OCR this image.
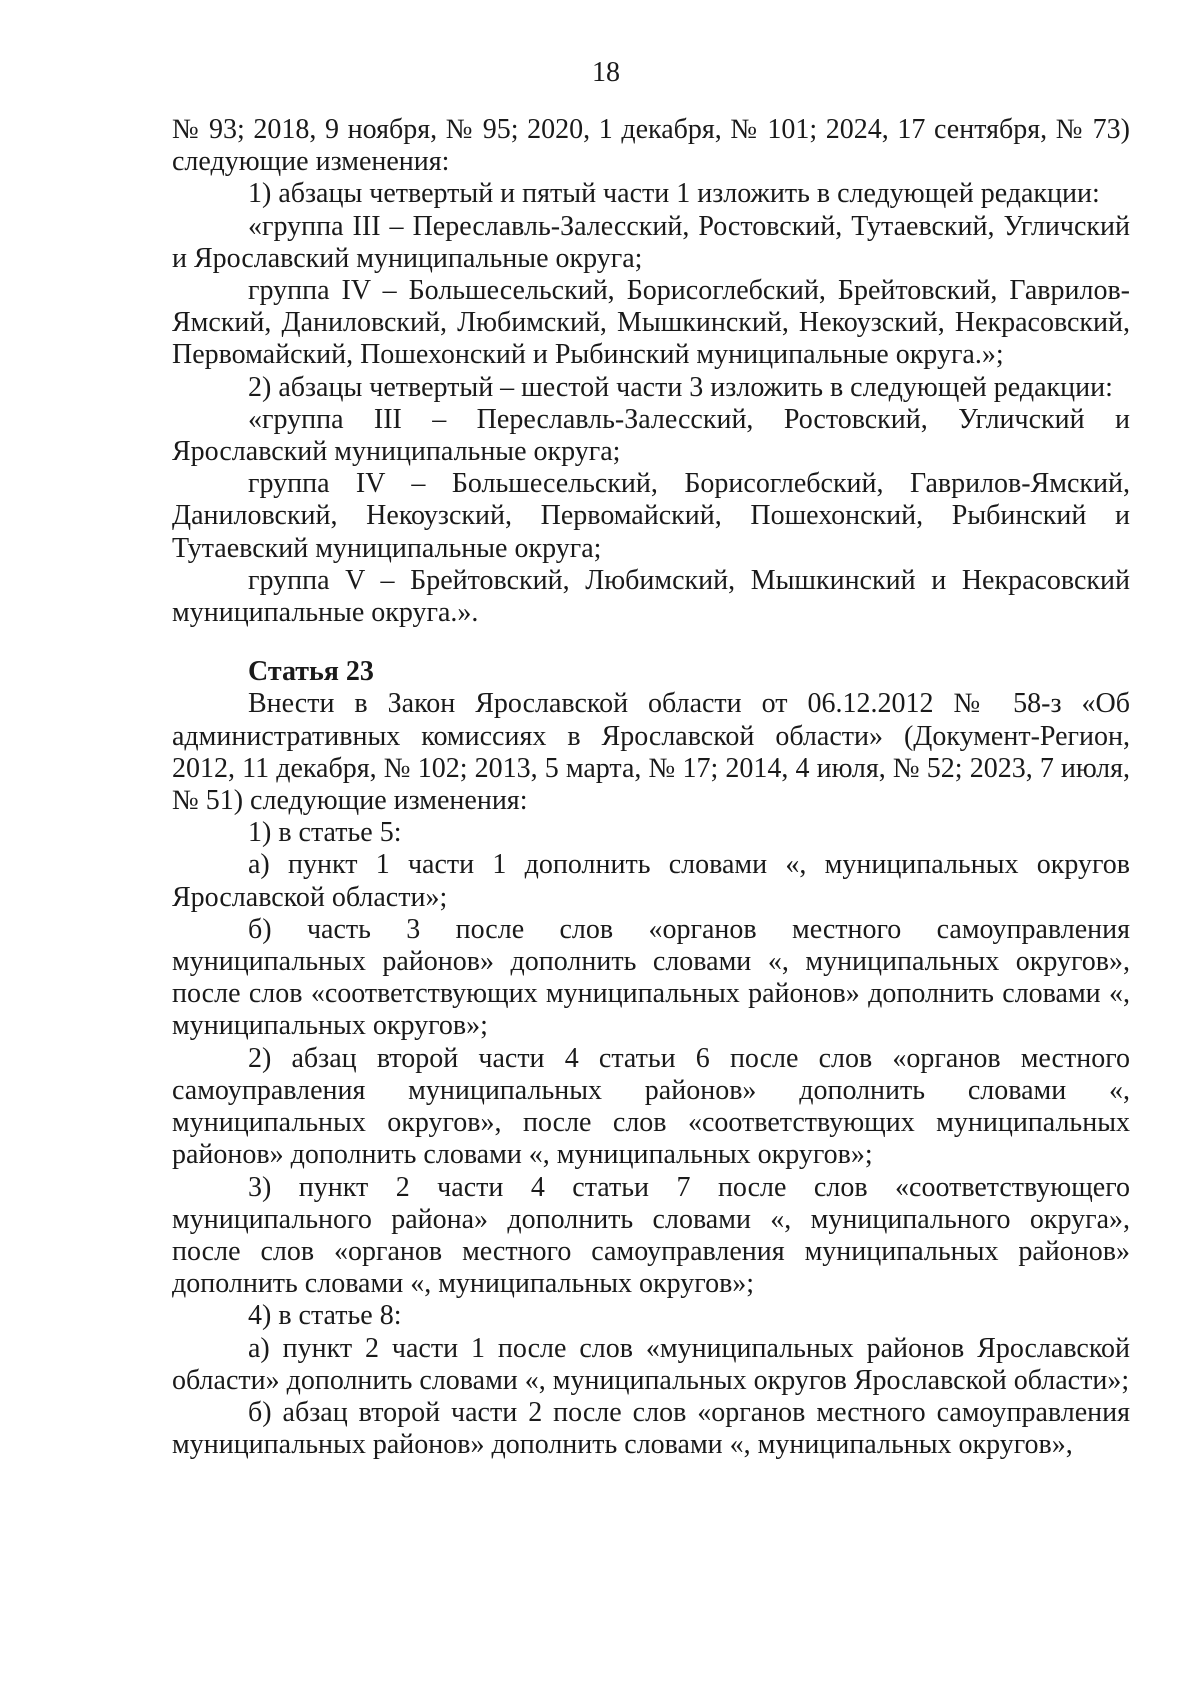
18

№ 93; 2018, 9 ноября, № 95; 2020, 1 декабря, № 101; 2024, 17 сентября, № 73) следующие изменения:

1) абзацы четвертый и пятый части 1 изложить в следующей редакции:

«группа III – Переславль-Залесский, Ростовский, Тутаевский, Угличский и Ярославский муниципальные округа;

группа IV – Большесельский, Борисоглебский, Брейтовский, Гаврилов-Ямский, Даниловский, Любимский, Мышкинский, Некоузский, Некрасовский, Первомайский, Пошехонский и Рыбинский муниципальные округа.»;

2) абзацы четвертый – шестой части 3 изложить в следующей редакции:

«группа III – Переславль-Залесский, Ростовский, Угличский и Ярославский муниципальные округа;

группа IV – Большесельский, Борисоглебский, Гаврилов-Ямский, Даниловский, Некоузский, Первомайский, Пошехонский, Рыбинский и Тутаевский муниципальные округа;

группа V – Брейтовский, Любимский, Мышкинский и Некрасовский муниципальные округа.».

Статья 23

Внести в Закон Ярославской области от 06.12.2012 № 58-з «Об административных комиссиях в Ярославской области» (Документ-Регион, 2012, 11 декабря, № 102; 2013, 5 марта, № 17; 2014, 4 июля, № 52; 2023, 7 июля, № 51) следующие изменения:

1) в статье 5:

а) пункт 1 части 1 дополнить словами «, муниципальных округов Ярославской области»;

б) часть 3 после слов «органов местного самоуправления муниципальных районов» дополнить словами «, муниципальных округов», после слов «соответствующих муниципальных районов» дополнить словами «, муниципальных округов»;

2) абзац второй части 4 статьи 6 после слов «органов местного самоуправления муниципальных районов» дополнить словами «, муниципальных округов», после слов «соответствующих муниципальных районов» дополнить словами «, муниципальных округов»;

3) пункт 2 части 4 статьи 7 после слов «соответствующего муниципального района» дополнить словами «, муниципального округа», после слов «органов местного самоуправления муниципальных районов» дополнить словами «, муниципальных округов»;

4) в статье 8:

а) пункт 2 части 1 после слов «муниципальных районов Ярославской области» дополнить словами «, муниципальных округов Ярославской области»;

б) абзац второй части 2 после слов «органов местного самоуправления муниципальных районов» дополнить словами «, муниципальных округов»,
